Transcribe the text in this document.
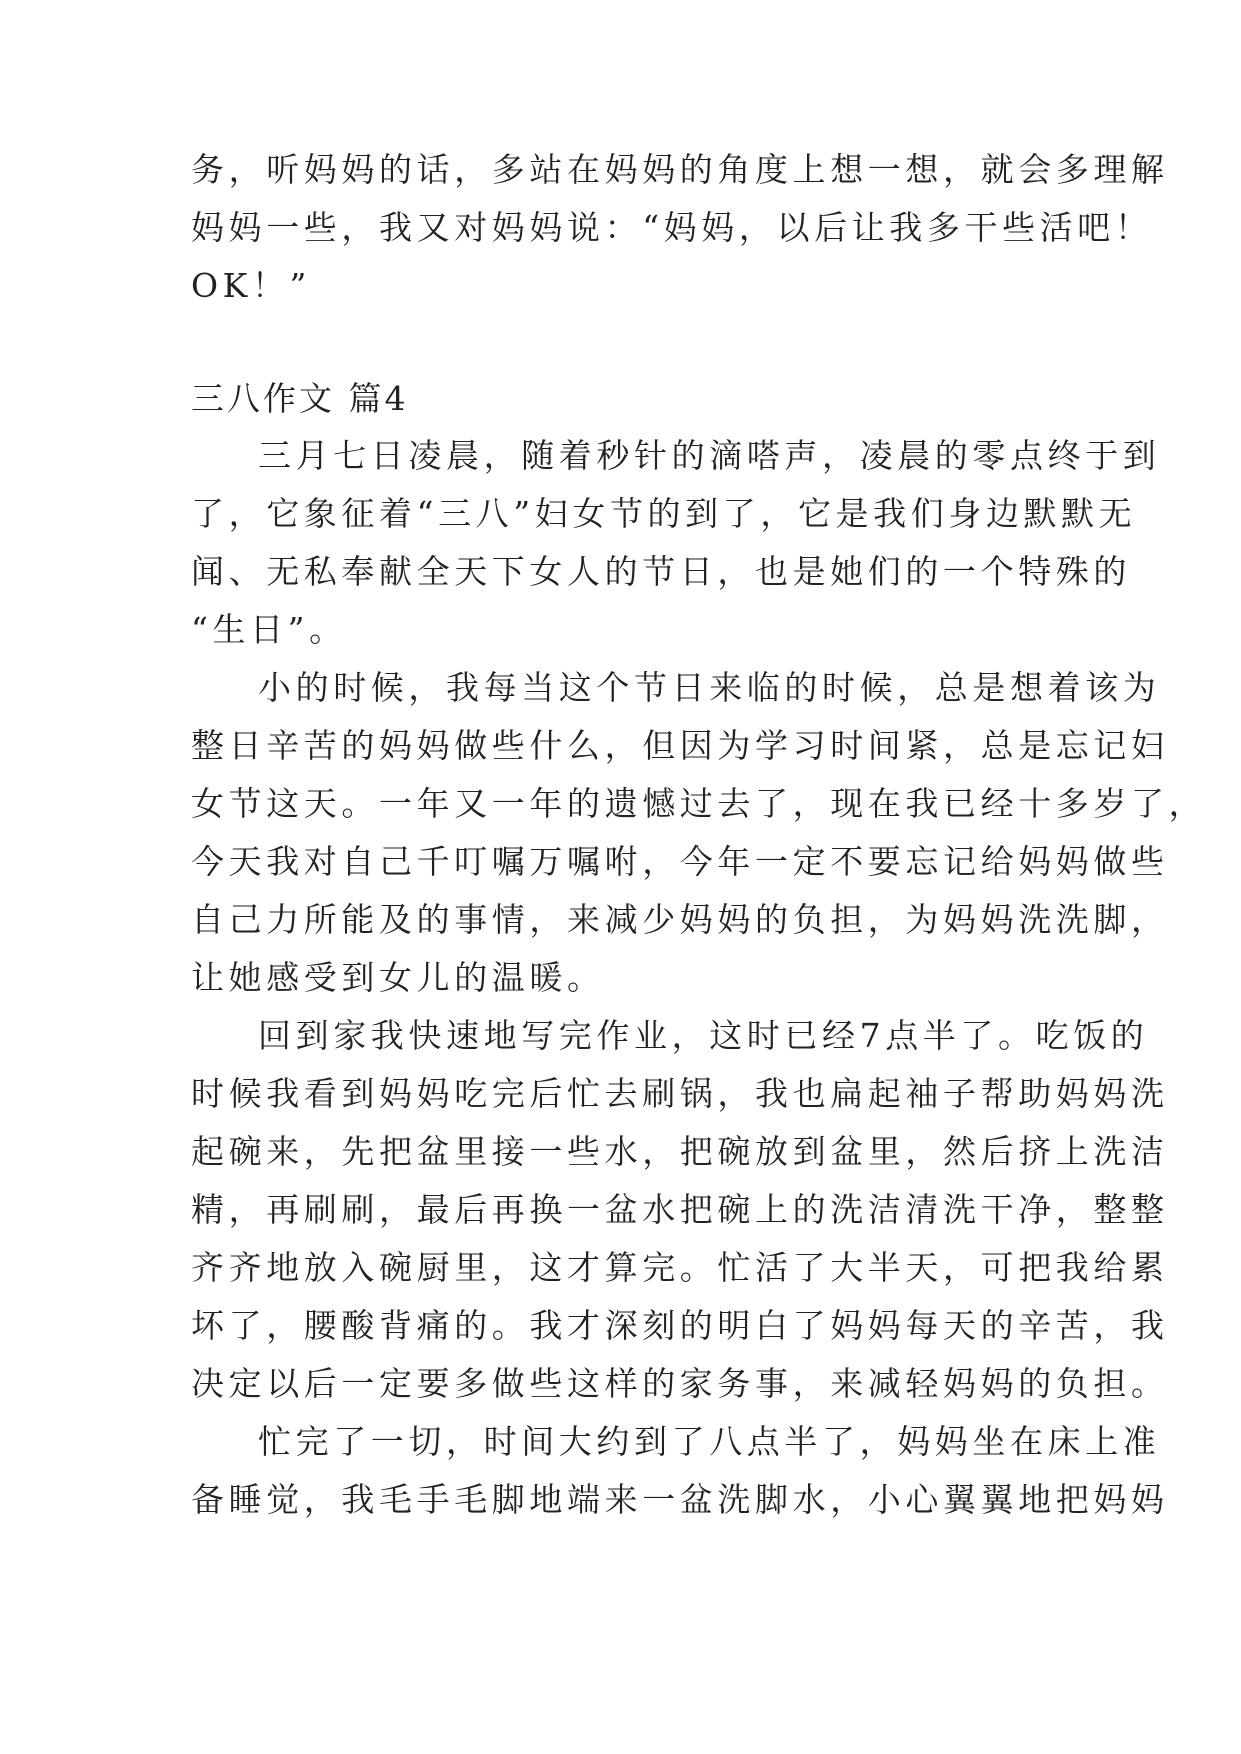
务，听妈妈的话，多站在妈妈的角度上想一想，就会多理解
妈妈一些，我又对妈妈说：“妈妈，以后让我多干些活吧！
OK！”
三八作文 篇4
三月七日凌晨，随着秒针的滴嗒声，凌晨的零点终于到
了，它象征着“三八”妇女节的到了，它是我们身边默默无
闻、无私奉献全天下女人的节日，也是她们的一个特殊的
“生日”。
小的时候，我每当这个节日来临的时候，总是想着该为
整日辛苦的妈妈做些什么，但因为学习时间紧，总是忘记妇
女节这天。一年又一年的遗憾过去了，现在我已经十多岁了，
今天我对自己千叮嘱万嘱咐，今年一定不要忘记给妈妈做些
自己力所能及的事情，来减少妈妈的负担，为妈妈洗洗脚，
让她感受到女儿的温暖。
回到家我快速地写完作业，这时已经7点半了。吃饭的
时候我看到妈妈吃完后忙去刷锅，我也扁起袖子帮助妈妈洗
起碗来，先把盆里接一些水，把碗放到盆里，然后挤上洗洁
精，再刷刷，最后再换一盆水把碗上的洗洁清洗干净，整整
齐齐地放入碗厨里，这才算完。忙活了大半天，可把我给累
坏了，腰酸背痛的。我才深刻的明白了妈妈每天的辛苦，我
决定以后一定要多做些这样的家务事，来减轻妈妈的负担。
忙完了一切，时间大约到了八点半了，妈妈坐在床上准
备睡觉，我毛手毛脚地端来一盆洗脚水，小心翼翼地把妈妈
